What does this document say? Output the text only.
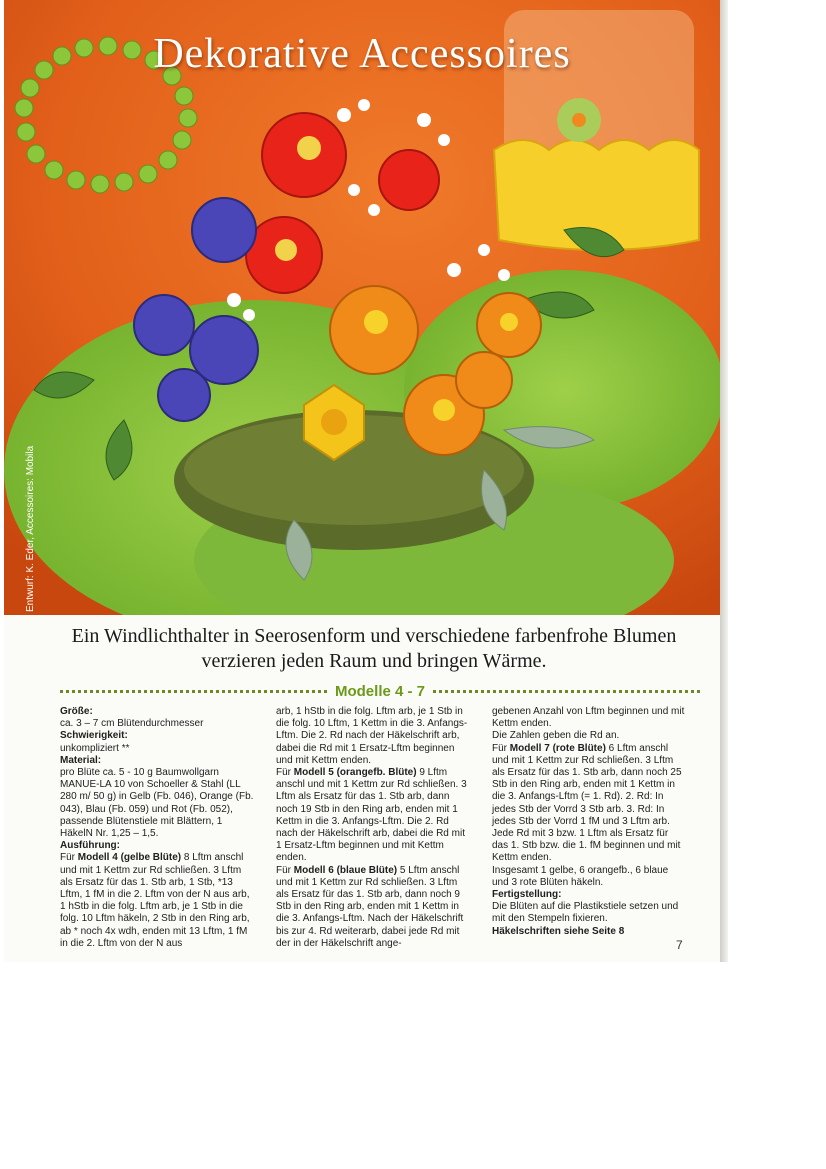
Dekorative Accessoires
Entwurf: K. Eder, Accessoires: Mobila
Ein Windlichthalter in Seerosenform und verschiedene farbenfrohe Blumen verzieren jeden Raum und bringen Wärme.
Modelle 4 - 7

Größe:

ca. 3 – 7 cm Blütendurchmesser

Schwierigkeit:

unkompliziert **

Material:

pro Blüte ca. 5 - 10 g Baumwollgarn MANUE-LA 10 von Schoeller & Stahl (LL 280 m/ 50 g) in Gelb (Fb. 046), Orange (Fb. 043), Blau (Fb. 059) und Rot (Fb. 052), passende Blütenstiele mit Blättern, 1 HäkelN Nr. 1,25 – 1,5.

Ausführung:

Für Modell 4 (gelbe Blüte) 8 Lftm anschl und mit 1 Kettm zur Rd schließen. 3 Lftm als Ersatz für das 1. Stb arb, 1 Stb, *13 Lftm, 1 fM in die 2. Lftm von der N aus arb, 1 hStb in die folg. Lftm arb, je 1 Stb in die folg. 10 Lftm häkeln, 2 Stb in den Ring arb, ab * noch 4x wdh, enden mit 13 Lftm, 1 fM in die 2. Lftm von der N aus

arb, 1 hStb in die folg. Lftm arb, je 1 Stb in die folg. 10 Lftm, 1 Kettm in die 3. Anfangs-Lftm. Die 2. Rd nach der Häkelschrift arb, dabei die Rd mit 1 Ersatz-Lftm beginnen und mit Kettm enden.

Für Modell 5 (orangefb. Blüte) 9 Lftm anschl und mit 1 Kettm zur Rd schließen. 3 Lftm als Ersatz für das 1. Stb arb, dann noch 19 Stb in den Ring arb, enden mit 1 Kettm in die 3. Anfangs-Lftm. Die 2. Rd nach der Häkelschrift arb, dabei die Rd mit 1 Ersatz-Lftm beginnen und mit Kettm enden.

Für Modell 6 (blaue Blüte) 5 Lftm anschl und mit 1 Kettm zur Rd schließen. 3 Lftm als Ersatz für das 1. Stb arb, dann noch 9 Stb in den Ring arb, enden mit 1 Kettm in die 3. Anfangs-Lftm. Nach der Häkelschrift bis zur 4. Rd weiterarb, dabei jede Rd mit der in der Häkelschrift ange-

gebenen Anzahl von Lftm beginnen und mit Kettm enden.

Die Zahlen geben die Rd an.

Für Modell 7 (rote Blüte) 6 Lftm anschl und mit 1 Kettm zur Rd schließen. 3 Lftm als Ersatz für das 1. Stb arb, dann noch 25 Stb in den Ring arb, enden mit 1 Kettm in die 3. Anfangs-Lftm (= 1. Rd). 2. Rd: In jedes Stb der Vorrd 3 Stb arb. 3. Rd: In jedes Stb der Vorrd 1 fM und 3 Lftm arb. Jede Rd mit 3 bzw. 1 Lftm als Ersatz für das 1. Stb bzw. die 1. fM beginnen und mit Kettm enden.

Insgesamt 1 gelbe, 6 orangefb., 6 blaue und 3 rote Blüten häkeln.

Fertigstellung:

Die Blüten auf die Plastikstiele setzen und mit den Stempeln fixieren.

Häkelschriften siehe Seite 8

7
